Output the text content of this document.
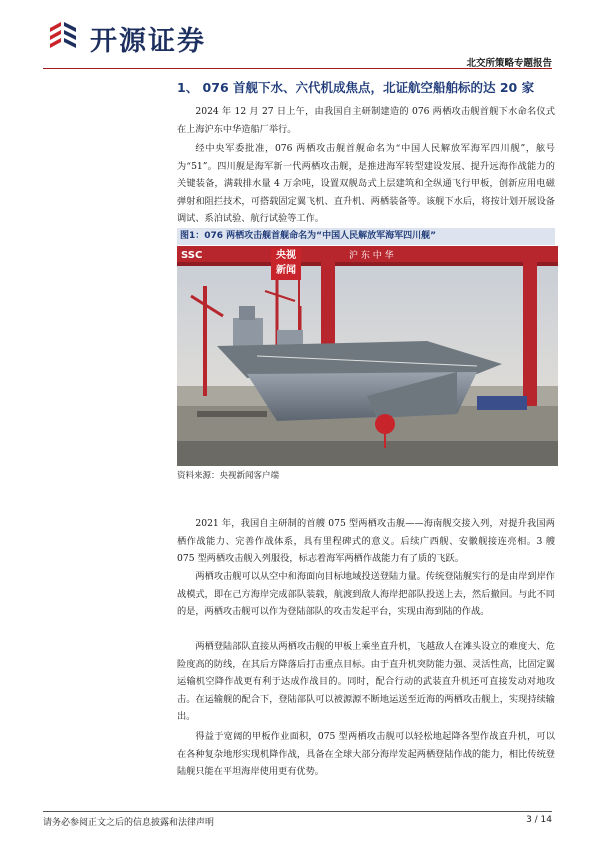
开源证券
北交所策略专题报告
1、 076 首舰下水、六代机成焦点，北证航空船舶标的达 20 家

2024 年 12 月 27 日上午，由我国自主研制建造的 076 两栖攻击舰首舰下水命名仪式在上海沪东中华造船厂举行。

经中央军委批准，076 两栖攻击舰首舰命名为“中国人民解放军海军四川舰”，舷号为“51”。四川舰是海军新一代两栖攻击舰，是推进海军转型建设发展、提升远海作战能力的关键装备，满载排水量 4 万余吨，设置双舰岛式上层建筑和全纵通飞行甲板，创新应用电磁弹射和阻拦技术，可搭载固定翼飞机、直升机、两栖装备等。该舰下水后，将按计划开展设备调试、系泊试验、航行试验等工作。

图1：076 两栖攻击舰首舰命名为“中国人民解放军海军四川舰”
SSC	沪 东 中 华
央视
新闻
资料来源：央视新闻客户端

2021 年，我国自主研制的首艘 075 型两栖攻击舰——海南舰交接入列，对提升我国两栖作战能力、完善作战体系，具有里程碑式的意义。后续广西舰、安徽舰接连亮相。3 艘 075 型两栖攻击舰入列服役，标志着海军两栖作战能力有了质的飞跃。

两栖攻击舰可以从空中和海面向目标地域投送登陆力量。传统登陆舰实行的是由岸到岸作战模式，即在己方海岸完成部队装载，航渡到敌人海岸把部队投送上去，然后撤回。与此不同的是，两栖攻击舰可以作为登陆部队的攻击发起平台，实现由海到陆的作战。

两栖登陆部队直接从两栖攻击舰的甲板上乘坐直升机，飞越敌人在滩头设立的难度大、危险度高的防线，在其后方降落后打击重点目标。由于直升机突防能力强、灵活性高，比固定翼运输机空降作战更有利于达成作战目的。同时，配合行动的武装直升机还可直接发动对地攻击。在运输舰的配合下，登陆部队可以被源源不断地运送至近海的两栖攻击舰上，实现持续输出。

得益于宽阔的甲板作业面积，075 型两栖攻击舰可以轻松地起降各型作战直升机，可以在各种复杂地形实现机降作战，具备在全球大部分海岸发起两栖登陆作战的能力，相比传统登陆舰只能在平坦海岸使用更有优势。

请务必参阅正文之后的信息披露和法律声明	3 / 14
